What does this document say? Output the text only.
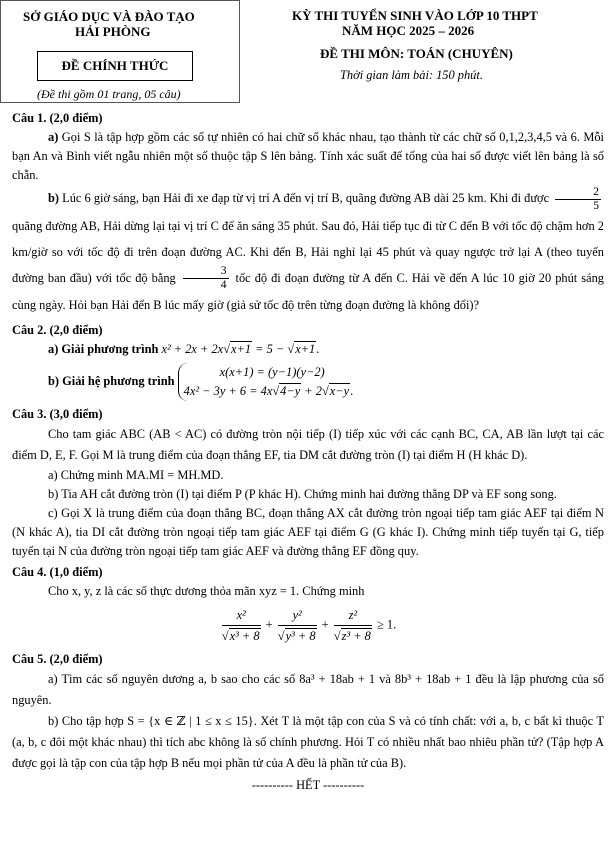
SỞ GIÁO DỤC VÀ ĐÀO TẠO
HẢI PHÒNG
ĐỀ CHÍNH THỨC
(Đề thi gồm 01 trang, 05 câu)
KỲ THI TUYỂN SINH VÀO LỚP 10 THPT
NĂM HỌC 2025 – 2026
ĐỀ THI MÔN: TOÁN (CHUYÊN)
Thời gian làm bài: 150 phút.
Câu 1. (2,0 điểm)

a) Gọi S là tập hợp gồm các số tự nhiên có hai chữ số khác nhau, tạo thành từ các chữ số 0,1,2,3,4,5 và 6. Mỗi bạn An và Bình viết ngẫu nhiên một số thuộc tập S lên bảng. Tính xác suất để tổng của hai số được viết lên bảng là số chẵn.

b) Lúc 6 giờ sáng, bạn Hải đi xe đạp từ vị trí A đến vị trí B, quãng đường AB dài 25 km. Khi đi được $\frac{2}{5}$
quãng đường AB, Hải dừng lại tại vị trí C để ăn sáng 35 phút. Sau đó, Hải tiếp tục đi từ C đến B với tốc độ chậm hơn 2 km/giờ so với tốc độ đi trên đoạn đường AC. Khi đến B, Hải nghỉ lại 45 phút và quay ngược trở lại A (theo tuyến đường ban đầu) với tốc độ bằng $\frac{3}{4}$ tốc độ đi đoạn đường từ A đến C. Hải về đến A lúc 10 giờ 20 phút sáng cùng ngày. Hỏi bạn Hải đến B lúc mấy giờ (giả sử tốc độ trên từng đoạn đường là không đổi)?

Câu 2. (2,0 điểm)

a) Giải phương trình x² + 2x + 2x√x+1 = 5 − √x+1.

b) Giải hệ phương trình x(x+1) = (y−1)(y−2)
4x² − 3y + 6 = 4x√4−y + 2√x−y.

Câu 3. (3,0 điểm)

Cho tam giác ABC (AB < AC) có đường tròn nội tiếp (I) tiếp xúc với các cạnh BC, CA, AB lần lượt tại các điểm D, E, F. Gọi M là trung điểm của đoạn thẳng EF, tia DM cắt đường tròn (I) tại điểm H (H khác D).

a) Chứng minh MA.MI = MH.MD.

b) Tia AH cắt đường tròn (I) tại điểm P (P khác H). Chứng minh hai đường thẳng DP và EF song song.

c) Gọi X là trung điểm của đoạn thẳng BC, đoạn thẳng AX cắt đường tròn ngoại tiếp tam giác AEF tại điểm N (N khác A), tia DI cắt đường tròn ngoại tiếp tam giác AEF tại điểm G (G khác I). Chứng minh tiếp tuyến tại G, tiếp tuyến tại N của đường tròn ngoại tiếp tam giác AEF và đường thẳng EF đồng quy.

Câu 4. (1,0 điểm)

Cho x, y, z là các số thực dương thỏa mãn xyz = 1. Chứng minh

$\frac{\text{x²}}{\text{√x³ + 8}} + \frac{\text{y²}}{\text{√y³ + 8}} + \frac{\text{z²}}{\text{√z³ + 8}} \ge 1$.
Câu 5. (2,0 điểm)

a) Tìm các số nguyên dương a, b sao cho các số 8a³ + 18ab + 1 và 8b³ + 18ab + 1 đều là lập phương của số nguyên.

b) Cho tập hợp S = {x ∈ ℤ | 1 ≤ x ≤ 15}. Xét T là một tập con của S và có tính chất: với a, b, c bất kì thuộc T (a, b, c đôi một khác nhau) thì tích abc không là số chính phương. Hỏi T có nhiều nhất bao nhiêu phần tử? (Tập hợp A được gọi là tập con của tập hợp B nếu mọi phần tử của A đều là phần tử của B).

---------- HẾT ----------
